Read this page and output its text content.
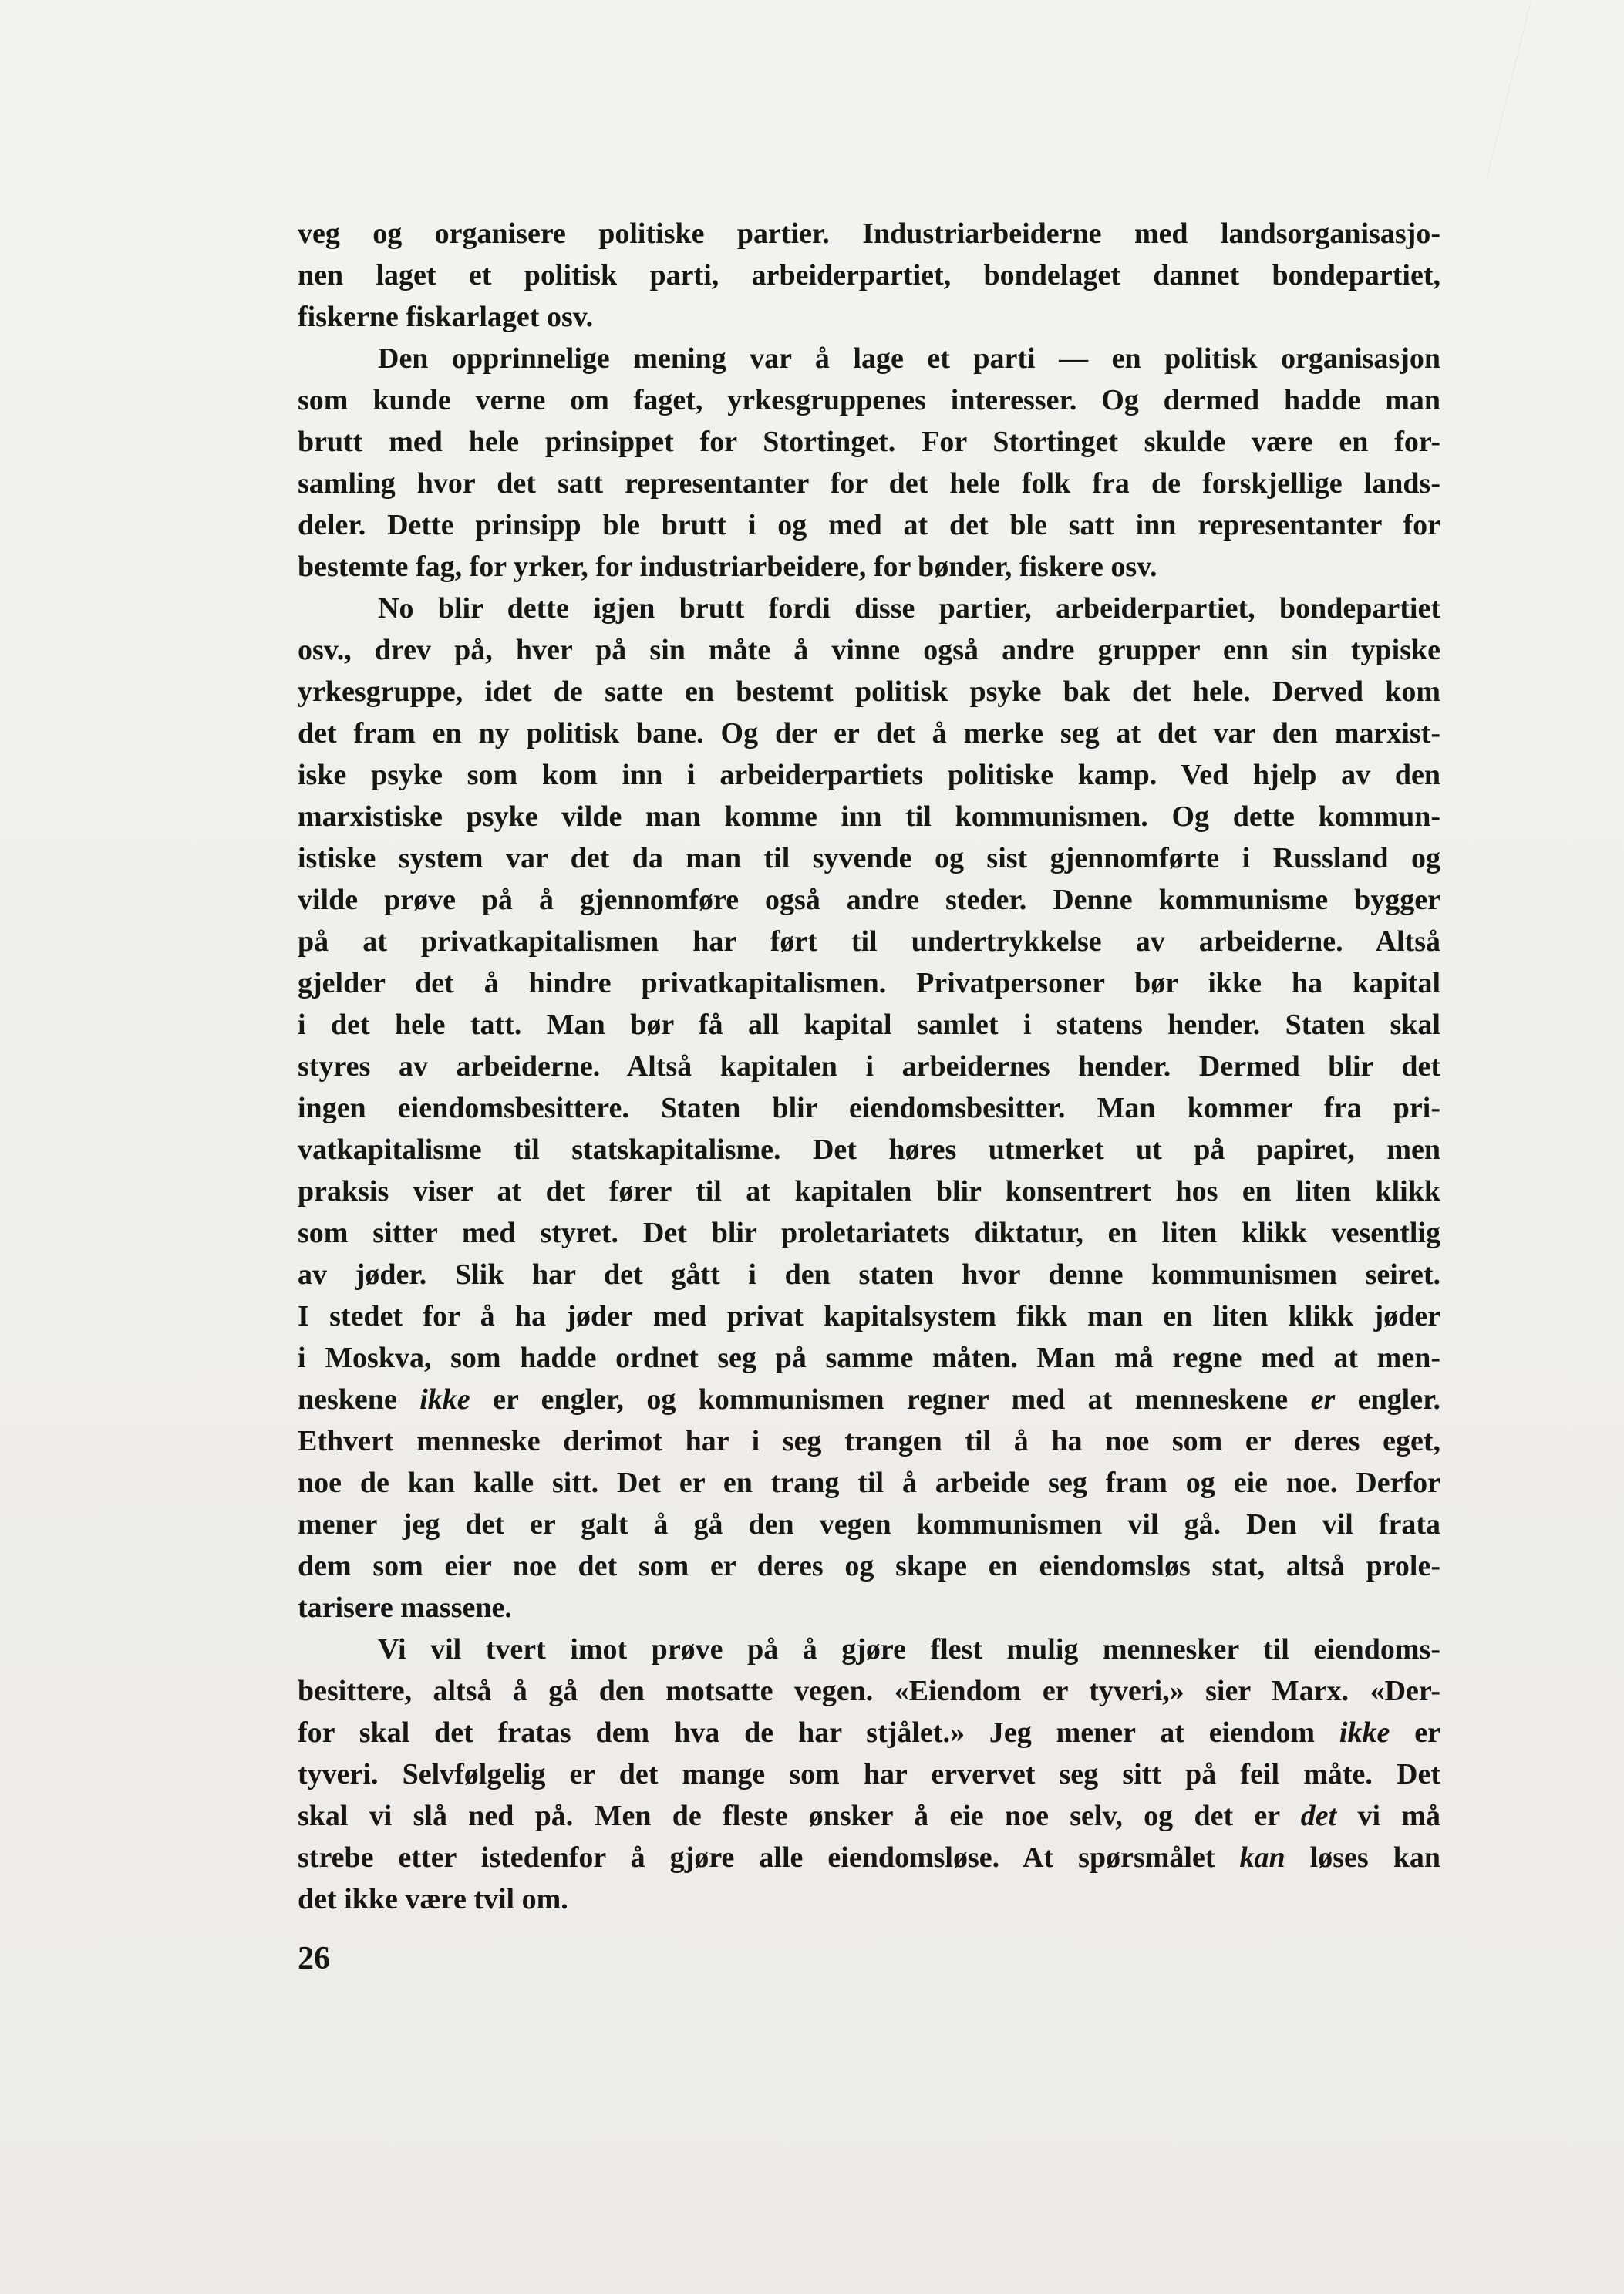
veg og organisere politiske partier. Industriarbeiderne med landsorganisasjo-
nen laget et politisk parti, arbeiderpartiet, bondelaget dannet bondepartiet,
fiskerne fiskarlaget osv.
Den opprinnelige mening var å lage et parti — en politisk organisasjon
som kunde verne om faget, yrkesgruppenes interesser. Og dermed hadde man
brutt med hele prinsippet for Stortinget. For Stortinget skulde være en for-
samling hvor det satt representanter for det hele folk fra de forskjellige lands-
deler. Dette prinsipp ble brutt i og med at det ble satt inn representanter for
bestemte fag, for yrker, for industriarbeidere, for bønder, fiskere osv.
No blir dette igjen brutt fordi disse partier, arbeiderpartiet, bondepartiet
osv., drev på, hver på sin måte å vinne også andre grupper enn sin typiske
yrkesgruppe, idet de satte en bestemt politisk psyke bak det hele. Derved kom
det fram en ny politisk bane. Og der er det å merke seg at det var den marxist-
iske psyke som kom inn i arbeiderpartiets politiske kamp. Ved hjelp av den
marxistiske psyke vilde man komme inn til kommunismen. Og dette kommun-
istiske system var det da man til syvende og sist gjennomførte i Russland og
vilde prøve på å gjennomføre også andre steder. Denne kommunisme bygger
på at privatkapitalismen har ført til undertrykkelse av arbeiderne. Altså
gjelder det å hindre privatkapitalismen. Privatpersoner bør ikke ha kapital
i det hele tatt. Man bør få all kapital samlet i statens hender. Staten skal
styres av arbeiderne. Altså kapitalen i arbeidernes hender. Dermed blir det
ingen eiendomsbesittere. Staten blir eiendomsbesitter. Man kommer fra pri-
vatkapitalisme til statskapitalisme. Det høres utmerket ut på papiret, men
praksis viser at det fører til at kapitalen blir konsentrert hos en liten klikk
som sitter med styret. Det blir proletariatets diktatur, en liten klikk vesentlig
av jøder. Slik har det gått i den staten hvor denne kommunismen seiret.
I stedet for å ha jøder med privat kapitalsystem fikk man en liten klikk jøder
i Moskva, som hadde ordnet seg på samme måten. Man må regne med at men-
neskene ikke er engler, og kommunismen regner med at menneskene er engler.
Ethvert menneske derimot har i seg trangen til å ha noe som er deres eget,
noe de kan kalle sitt. Det er en trang til å arbeide seg fram og eie noe. Derfor
mener jeg det er galt å gå den vegen kommunismen vil gå. Den vil frata
dem som eier noe det som er deres og skape en eiendomsløs stat, altså prole-
tarisere massene.
Vi vil tvert imot prøve på å gjøre flest mulig mennesker til eiendoms-
besittere, altså å gå den motsatte vegen. «Eiendom er tyveri,» sier Marx. «Der-
for skal det fratas dem hva de har stjålet.» Jeg mener at eiendom ikke er
tyveri. Selvfølgelig er det mange som har ervervet seg sitt på feil måte. Det
skal vi slå ned på. Men de fleste ønsker å eie noe selv, og det er det vi må
strebe etter istedenfor å gjøre alle eiendomsløse. At spørsmålet kan løses kan
det ikke være tvil om.
26
